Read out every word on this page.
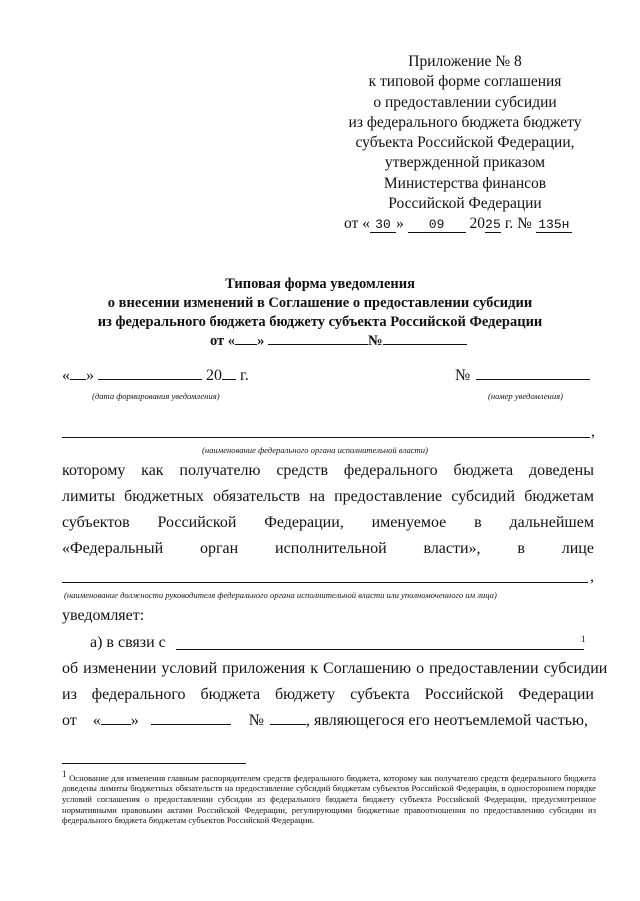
Приложение № 8
к типовой форме соглашения
о предоставлении субсидии
из федерального бюджета бюджету
субъекта Российской Федерации,
утвержденной приказом
Министерства финансов
Российской Федерации
от « 30 » 09 2025 г. № 135н
Типовая форма уведомления
о внесении изменений в Соглашение о предоставлении субсидии
из федерального бюджета бюджету субъекта Российской Федерации
от « »	№
« »	20 г.	№
(дата формирования уведомления)	(номер уведомления)
,
(наименование федерального органа исполнительной власти)
которому как получателю средств федерального бюджета доведены
лимиты бюджетных обязательств на предоставление субсидий бюджетам
субъектов Российской Федерации, именуемое в дальнейшем
«Федеральный орган исполнительной власти», в лице
,
(наименование должности руководителя федерального органа исполнительной власти или уполномоченного им лица)
уведомляет:
а) в связи с	1
об изменении условий приложения к Соглашению о предоставлении субсидии
из федерального бюджета бюджету субъекта Российской Федерации
от « »	№	, являющегося его неотъемлемой частью,
1 Основание для изменения главным распорядителем средств федерального бюджета, которому как получателю средств федерального бюджета доведены лимиты бюджетных обязательств на предоставление субсидий бюджетам субъектов Российской Федерации, в одностороннем порядке условий соглашения о предоставлении субсидии из федерального бюджета бюджету субъекта Российской Федерации, предусмотренное нормативными правовыми актами Российской Федерации, регулирующими бюджетные правоотношения по предоставлению субсидии из федерального бюджета бюджетам субъектов Российской Федерации.
